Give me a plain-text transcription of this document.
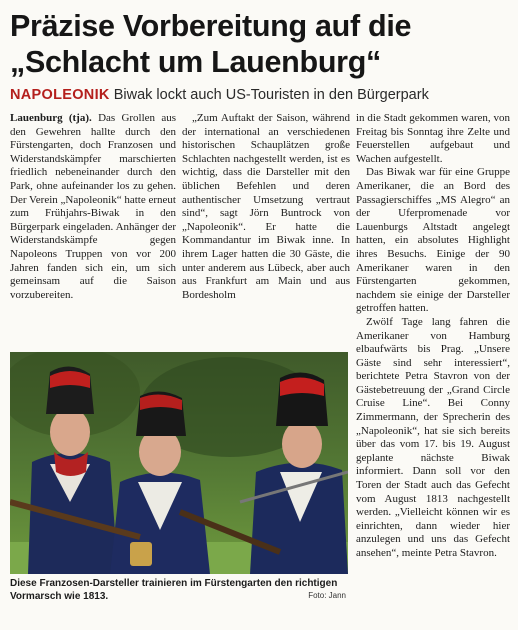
Präzise Vorbereitung auf die
„Schlacht um Lauenburg“
NAPOLEONIK Biwak lockt auch US-Touristen in den Bürgerpark

Lauenburg (tja). Das Grollen aus den Gewehren hallte durch den Fürstengarten, doch Franzosen und Widerstandskämpfer marschierten friedlich nebeneinander durch den Park, ohne aufeinander los zu gehen. Der Verein „Napoleonik“ hatte erneut zum Frühjahrs-Biwak in den Bürgerpark eingeladen. Anhänger der Widerstandskämpfe gegen Napoleons Truppen von vor 200 Jahren fanden sich ein, um sich gemeinsam auf die Saison vorzubereiten.

„Zum Auftakt der Saison, während der international an verschiedenen historischen Schauplätzen große Schlachten nachgestellt werden, ist es wichtig, dass die Darsteller mit den üblichen Befehlen und deren authentischer Umsetzung vertraut sind“, sagt Jörn Buntrock von „Napoleonik“. Er hatte die Kommandantur im Biwak inne. In ihrem Lager hatten die 30 Gäste, die unter anderem aus Lübeck, aber auch aus Frankfurt am Main und aus Bordesholm

in die Stadt gekommen waren, von Freitag bis Sonntag ihre Zelte und Feuerstellen aufgebaut und Wachen aufgestellt.

Das Biwak war für eine Gruppe Amerikaner, die an Bord des Passagierschiffes „MS Alegro“ an der Uferpromenade vor Lauenburgs Altstadt angelegt hatten, ein absolutes Highlight ihres Besuchs. Einige der 90 Amerikaner waren in den Fürstengarten gekommen, nachdem sie einige der Darsteller getroffen hatten.

Zwölf Tage lang fahren die Amerikaner von Hamburg elbaufwärts bis Prag. „Unsere Gäste sind sehr interessiert“, berichtete Petra Stavron von der Gästebetreuung der „Grand Circle Cruise Line“. Bei Conny Zimmermann, der Sprecherin des „Napoleonik“, hat sie sich bereits über das vom 17. bis 19. August geplante nächste Biwak informiert. Dann soll vor den Toren der Stadt auch das Gefecht vom August 1813 nachgestellt werden. „Vielleicht können wir es einrichten, dann wieder hier anzulegen und uns das Gefecht ansehen“, meinte Petra Stavron.

Diese Franzosen-Darsteller trainieren im Fürstengarten den richtigen Vormarsch wie 1813.	Foto: Jann
